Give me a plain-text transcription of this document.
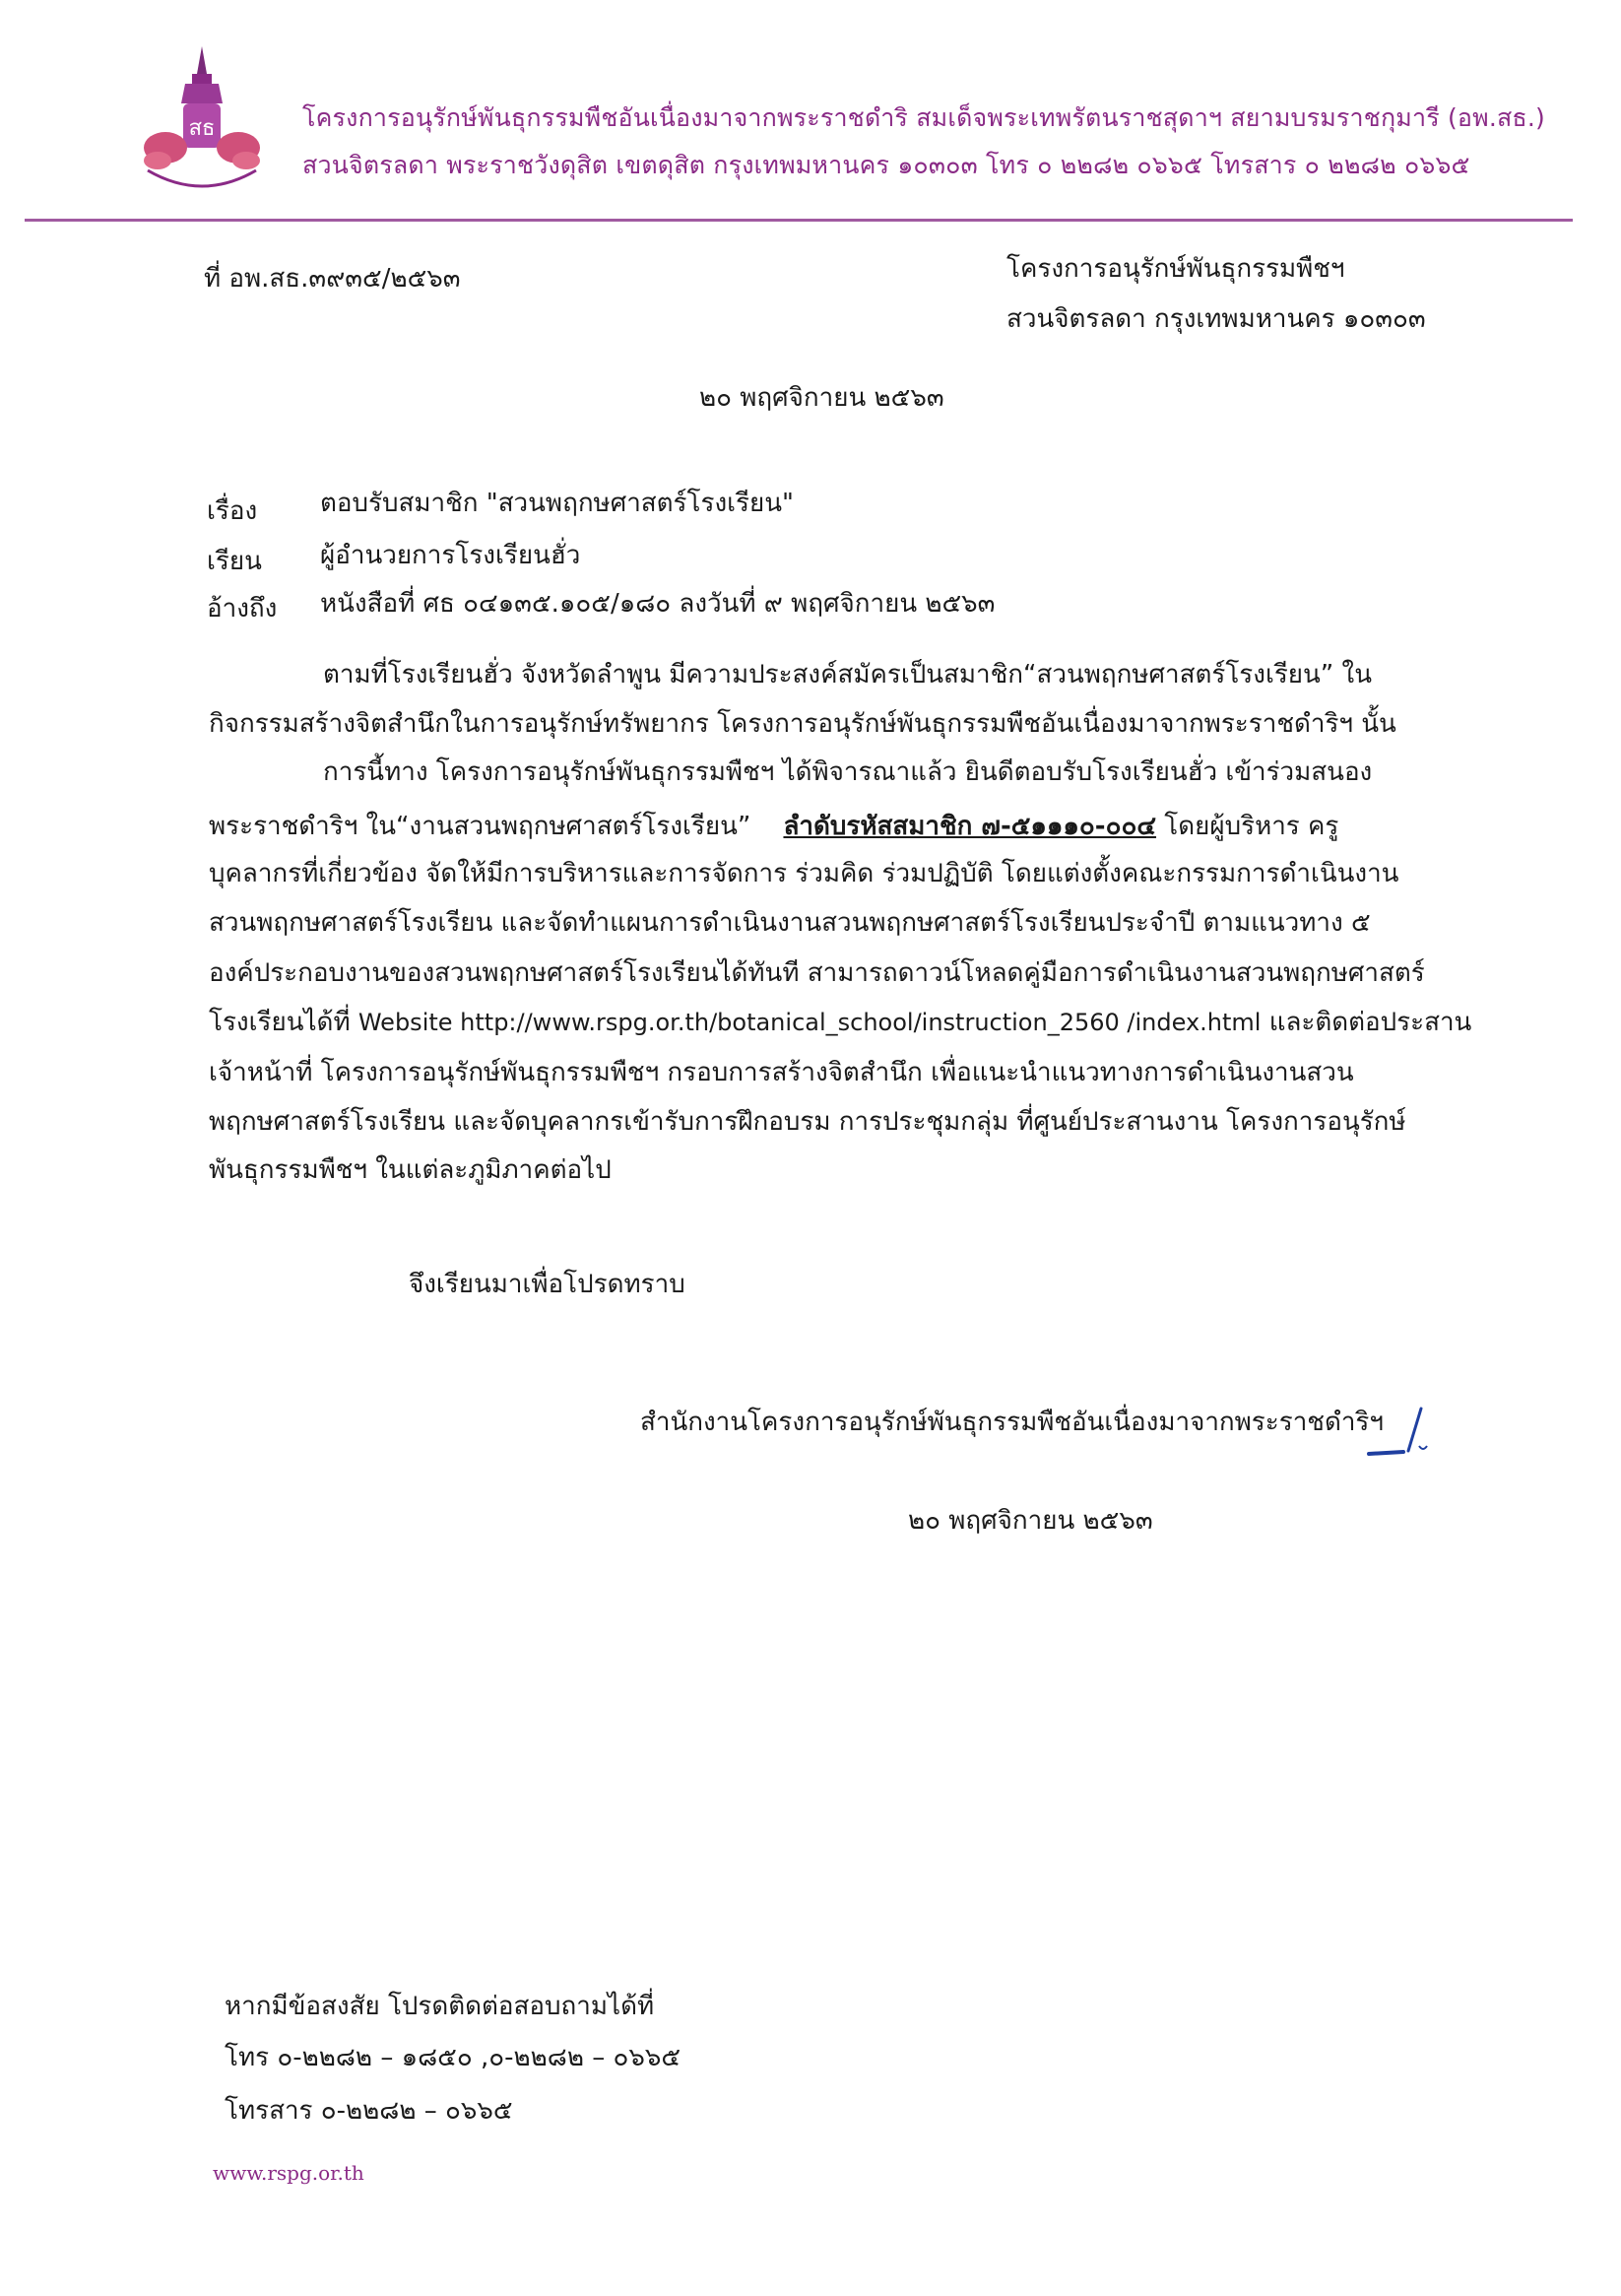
สธ	โครงการอนุรักษ์พันธุกรรมพืชอันเนื่องมาจากพระราชดำริ สมเด็จพระเทพรัตนราชสุดาฯ สยามบรมราชกุมารี (อพ.สธ.)
สวนจิตรลดา พระราชวังดุสิต เขตดุสิต กรุงเทพมหานคร ๑๐๓๐๓ โทร ๐ ๒๒๘๒ ๐๖๖๕ โทรสาร ๐ ๒๒๘๒ ๐๖๖๕
ที่ อพ.สธ.๓๙๓๕/๒๕๖๓	โครงการอนุรักษ์พันธุกรรมพืชฯ
สวนจิตรลดา กรุงเทพมหานคร ๑๐๓๐๓
๒๐ พฤศจิกายน ๒๕๖๓
เรื่อง ตอบรับสมาชิก "สวนพฤกษศาสตร์โรงเรียน"
เรียน ผู้อำนวยการโรงเรียนฮั่ว
อ้างถึง หนังสือที่ ศธ ๐๔๑๓๕.๑๐๕/๑๘๐ ลงวันที่ ๙ พฤศจิกายน ๒๕๖๓
ตามที่โรงเรียนฮั่ว จังหวัดลำพูน มีความประสงค์สมัครเป็นสมาชิก“สวนพฤกษศาสตร์โรงเรียน” ใน
กิจกรรมสร้างจิตสำนึกในการอนุรักษ์ทรัพยากร โครงการอนุรักษ์พันธุกรรมพืชอันเนื่องมาจากพระราชดำริฯ นั้น
การนี้ทาง โครงการอนุรักษ์พันธุกรรมพืชฯ ได้พิจารณาแล้ว ยินดีตอบรับโรงเรียนฮั่ว เข้าร่วมสนอง
พระราชดำริฯ ใน“งานสวนพฤกษศาสตร์โรงเรียน” ลำดับรหัสสมาชิก ๗-๕๑๑๑๐-๐๐๔ โดยผู้บริหาร ครู
บุคลากรที่เกี่ยวข้อง จัดให้มีการบริหารและการจัดการ ร่วมคิด ร่วมปฏิบัติ โดยแต่งตั้งคณะกรรมการดำเนินงาน
สวนพฤกษศาสตร์โรงเรียน และจัดทำแผนการดำเนินงานสวนพฤกษศาสตร์โรงเรียนประจำปี ตามแนวทาง ๕
องค์ประกอบงานของสวนพฤกษศาสตร์โรงเรียนได้ทันที สามารถดาวน์โหลดคู่มือการดำเนินงานสวนพฤกษศาสตร์
โรงเรียนได้ที่ Website http://www.rspg.or.th/botanical_school/instruction_2560 /index.html และติดต่อประสาน
เจ้าหน้าที่ โครงการอนุรักษ์พันธุกรรมพืชฯ กรอบการสร้างจิตสำนึก เพื่อแนะนำแนวทางการดำเนินงานสวน
พฤกษศาสตร์โรงเรียน และจัดบุคลากรเข้ารับการฝึกอบรม การประชุมกลุ่ม ที่ศูนย์ประสานงาน โครงการอนุรักษ์
พันธุกรรมพืชฯ ในแต่ละภูมิภาคต่อไป
จึงเรียนมาเพื่อโปรดทราบ
สำนักงานโครงการอนุรักษ์พันธุกรรมพืชอันเนื่องมาจากพระราชดำริฯ
๒๐ พฤศจิกายน ๒๕๖๓
หากมีข้อสงสัย โปรดติดต่อสอบถามได้ที่
โทร ๐-๒๒๘๒ – ๑๘๕๐ ,๐-๒๒๘๒ – ๐๖๖๕
โทรสาร ๐-๒๒๘๒ – ๐๖๖๕
www.rspg.or.th
